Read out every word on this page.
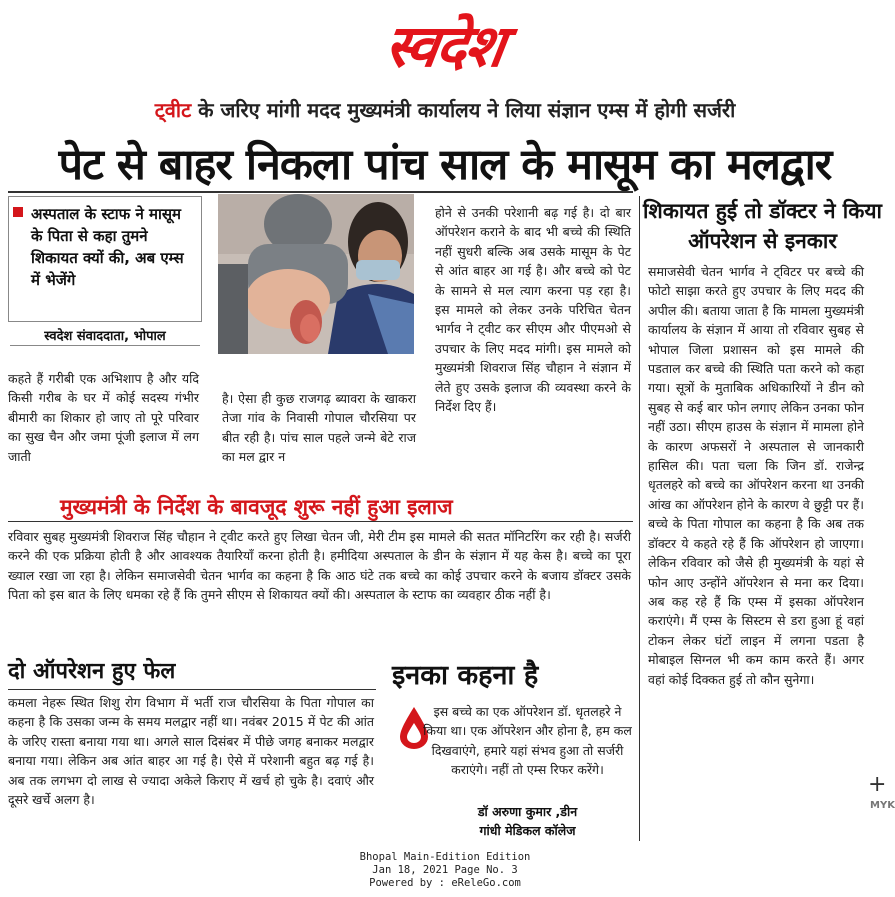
स्वदेश
ट्वीट के जरिए मांगी मदद मुख्यमंत्री कार्यालय ने लिया संज्ञान एम्स में होगी सर्जरी
पेट से बाहर निकला पांच साल के मासूम का मलद्वार
अस्पताल के स्टाफ ने मासूम के पिता से कहा तुमने शिकायत क्यों की, अब एम्स में भेजेंगे
स्वदेश संवाददाता, भोपाल
कहते हैं गरीबी एक अभिशाप है और यदि किसी गरीब के घर में कोई सदस्य गंभीर बीमारी का शिकार हो जाए तो पूरे परिवार का सुख चैन और जमा पूंजी इलाज में लग जाती
है। ऐसा ही कुछ राजगढ़ ब्यावरा के खाकरा तेजा गांव के निवासी गोपाल चौरसिया पर बीत रही है। पांच साल पहले जन्मे बेटे राज का मल द्वार न
होने से उनकी परेशानी बढ़ गई है। दो बार ऑपरेशन कराने के बाद भी बच्चे की स्थिति नहीं सुधरी बल्कि अब उसके मासूम के पेट से आंत बाहर आ गई है। और बच्चे को पेट के सामने से मल त्याग करना पड़ रहा है। इस मामले को लेकर उनके परिचित चेतन भार्गव ने ट्वीट कर सीएम और पीएमओ से उपचार के लिए मदद मांगी। इस मामले को मुख्यमंत्री शिवराज सिंह चौहान ने संज्ञान में लेते हुए उसके इलाज की व्यवस्था करने के निर्देश दिए हैं।
मुख्यमंत्री के निर्देश के बावजूद शुरू नहीं हुआ इलाज
रविवार सुबह मुख्यमंत्री शिवराज सिंह चौहान ने ट्वीट करते हुए लिखा चेतन जी, मेरी टीम इस मामले की सतत मॉनिटरिंग कर रही है। सर्जरी करने की एक प्रक्रिया होती है और आवश्यक तैयारियाँ करना होती है। हमीदिया अस्पताल के डीन के संज्ञान में यह केस है। बच्चे का पूरा ख्याल रखा जा रहा है। लेकिन समाजसेवी चेतन भार्गव का कहना है कि आठ घंटे तक बच्चे का कोई उपचार करने के बजाय डॉक्टर उसके पिता को इस बात के लिए धमका रहे हैं कि तुमने सीएम से शिकायत क्यों की। अस्पताल के स्टाफ का व्यवहार ठीक नहीं है।
दो ऑपरेशन हुए फेल
कमला नेहरू स्थित शिशु रोग विभाग में भर्ती राज चौरसिया के पिता गोपाल का कहना है कि उसका जन्म के समय मलद्वार नहीं था। नवंबर 2015 में पेट की आंत के जरिए रास्ता बनाया गया था। अगले साल दिसंबर में पीछे जगह बनाकर मलद्वार बनाया गया। लेकिन अब आंत बाहर आ गई है। ऐसे में परेशानी बहुत बढ़ गई है। अब तक लगभग दो लाख से ज्यादा अकेले किराए में खर्च हो चुके है। दवाएं और दूसरे खर्चे अलग है।
इनका कहना है
इस बच्चे का एक ऑपरेशन डॉ. धृतलहरे ने किया था। एक ऑपरेशन और होना है, हम कल दिखवाएंगे, हमारे यहां संभव हुआ तो सर्जरी कराएंगे। नहीं तो एम्स रिफर करेंगे।
डॉ अरुणा कुमार ,डीन
गांधी मेडिकल कॉलेज
शिकायत हुई तो डॉक्टर ने किया ऑपरेशन से इनकार
समाजसेवी चेतन भार्गव ने ट्विटर पर बच्चे की फोटो साझा करते हुए उपचार के लिए मदद की अपील की। बताया जाता है कि मामला मुख्यमंत्री कार्यालय के संज्ञान में आया तो रविवार सुबह से भोपाल जिला प्रशासन को इस मामले की पडताल कर बच्चे की स्थिति पता करने को कहा गया। सूत्रों के मुताबिक अधिकारियों ने डीन को सुबह से कई बार फोन लगाए लेकिन उनका फोन नहीं उठा। सीएम हाउस के संज्ञान में मामला होने के कारण अफसरों ने अस्पताल से जानकारी हासिल की। पता चला कि जिन डॉ. राजेन्द्र धृतलहरे को बच्चे का ऑपरेशन करना था उनकी आंख का ऑपरेशन होने के कारण वे छुट्टी पर हैं। बच्चे के पिता गोपाल का कहना है कि अब तक डॉक्टर ये कहते रहे हैं कि ऑपरेशन हो जाएगा। लेकिन रविवार को जैसे ही मुख्यमंत्री के यहां से फोन आए उन्होंने ऑपरेशन से मना कर दिया। अब कह रहे हैं कि एम्स में इसका ऑपरेशन कराएंगे। मैं एम्स के सिस्टम से डरा हुआ हूं वहां टोकन लेकर घंटों लाइन में लगना पडता है मोबाइल सिग्नल भी कम काम करते हैं। अगर वहां कोई दिक्कत हुई तो कौन सुनेगा।
+
MYK
Bhopal Main-Edition Edition
Jan 18, 2021 Page No. 3
Powered by : eReleGo.com
